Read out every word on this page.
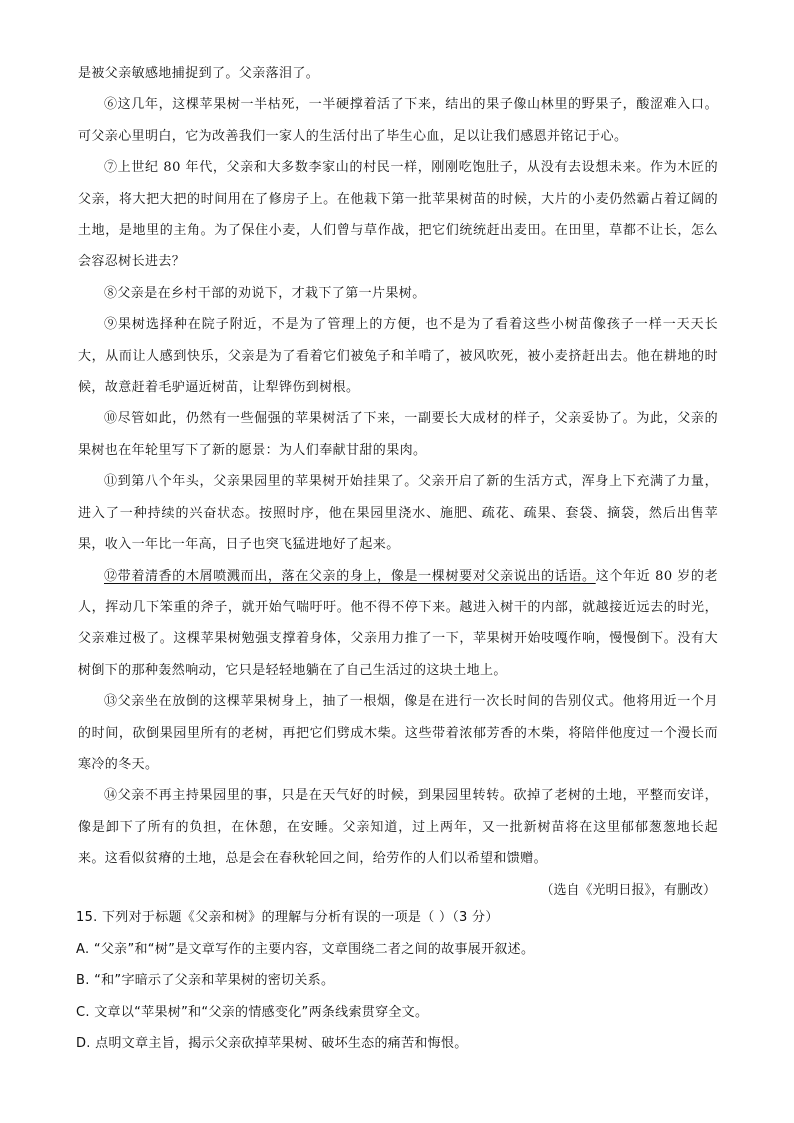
是被父亲敏感地捕捉到了。父亲落泪了。

⑥这几年，这棵苹果树一半枯死，一半硬撑着活了下来，结出的果子像山林里的野果子，酸涩难入口。可父亲心里明白，它为改善我们一家人的生活付出了毕生心血，足以让我们感恩并铭记于心。

⑦上世纪 80 年代，父亲和大多数李家山的村民一样，刚刚吃饱肚子，从没有去设想未来。作为木匠的父亲，将大把大把的时间用在了修房子上。在他栽下第一批苹果树苗的时候，大片的小麦仍然霸占着辽阔的土地，是地里的主角。为了保住小麦，人们曾与草作战，把它们统统赶出麦田。在田里，草都不让长，怎么会容忍树长进去？

⑧父亲是在乡村干部的劝说下，才栽下了第一片果树。

⑨果树选择种在院子附近，不是为了管理上的方便，也不是为了看着这些小树苗像孩子一样一天天长大，从而让人感到快乐，父亲是为了看着它们被兔子和羊啃了，被风吹死，被小麦挤赶出去。他在耕地的时候，故意赶着毛驴逼近树苗，让犁铧伤到树根。

⑩尽管如此，仍然有一些倔强的苹果树活了下来，一副要长大成材的样子，父亲妥协了。为此，父亲的果树也在年轮里写下了新的愿景：为人们奉献甘甜的果肉。

⑪到第八个年头，父亲果园里的苹果树开始挂果了。父亲开启了新的生活方式，浑身上下充满了力量，进入了一种持续的兴奋状态。按照时序，他在果园里浇水、施肥、疏花、疏果、套袋、摘袋，然后出售苹果，收入一年比一年高，日子也突飞猛进地好了起来。

⑫带着清香的木屑喷溅而出，落在父亲的身上，像是一棵树要对父亲说出的话语。这个年近 80 岁的老人，挥动几下笨重的斧子，就开始气喘吁吁。他不得不停下来。越进入树干的内部，就越接近远去的时光，父亲难过极了。这棵苹果树勉强支撑着身体，父亲用力推了一下，苹果树开始吱嘎作响，慢慢倒下。没有大树倒下的那种轰然响动，它只是轻轻地躺在了自己生活过的这块土地上。

⑬父亲坐在放倒的这棵苹果树身上，抽了一根烟，像是在进行一次长时间的告别仪式。他将用近一个月的时间，砍倒果园里所有的老树，再把它们劈成木柴。这些带着浓郁芳香的木柴，将陪伴他度过一个漫长而寒冷的冬天。

⑭父亲不再主持果园里的事，只是在天气好的时候，到果园里转转。砍掉了老树的土地，平整而安详，像是卸下了所有的负担，在休憩，在安睡。父亲知道，过上两年，又一批新树苗将在这里郁郁葱葱地长起来。这看似贫瘠的土地，总是会在春秋轮回之间，给劳作的人们以希望和馈赠。

（选自《光明日报》，有删改）

15. 下列对于标题《父亲和树》的理解与分析有误的一项是（ ）（3 分）

A. “父亲”和“树”是文章写作的主要内容，文章围绕二者之间的故事展开叙述。

B. “和”字暗示了父亲和苹果树的密切关系。

C. 文章以“苹果树”和“父亲的情感变化”两条线索贯穿全文。

D. 点明文章主旨，揭示父亲砍掉苹果树、破坏生态的痛苦和悔恨。
